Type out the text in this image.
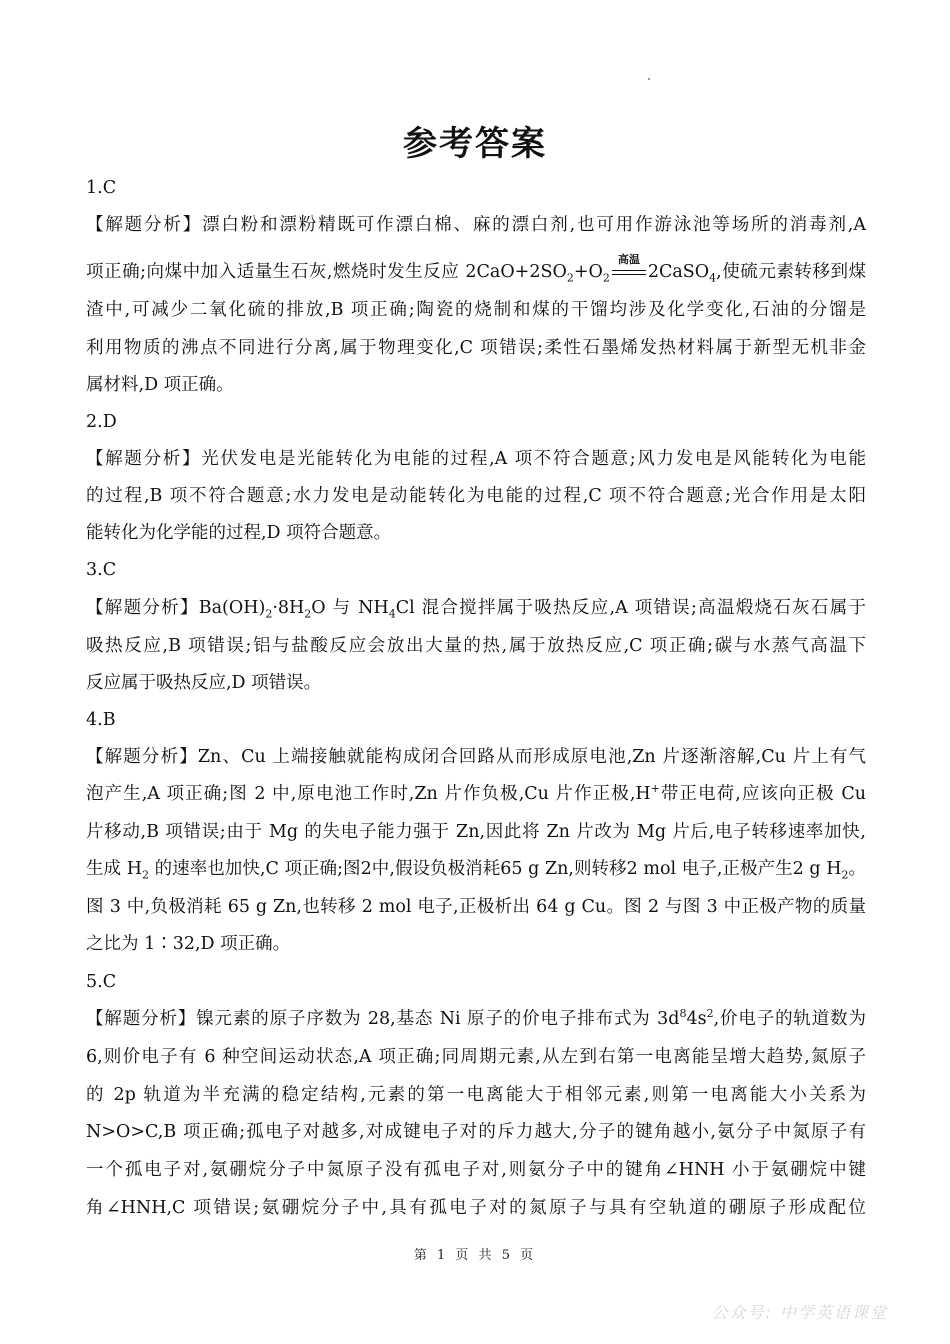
参考答案
1.C
【解题分析】漂白粉和漂粉精既可作漂白棉、麻的漂白剂,也可用作游泳池等场所的消毒剂,A
项正确;向煤中加入适量生石灰,燃烧时发生反应 $2CaO+2SO_2+O_2$
高温
2CaSO$_4$,使硫元素转移到煤
渣中,可减少二氧化硫的排放,B 项正确;陶瓷的烧制和煤的干馏均涉及化学变化,石油的分馏是
利用物质的沸点不同进行分离,属于物理变化,C 项错误;柔性石墨烯发热材料属于新型无机非金
属材料,D 项正确。
2.D
【解题分析】光伏发电是光能转化为电能的过程,A 项不符合题意;风力发电是风能转化为电能
的过程,B 项不符合题意;水力发电是动能转化为电能的过程,C 项不符合题意;光合作用是太阳
能转化为化学能的过程,D 项符合题意。
3.C
【解题分析】$Ba(OH)_2\cdot 8H_2O$ 与 $NH_4Cl$ 混合搅拌属于吸热反应,A 项错误;高温煅烧石灰石属于
吸热反应,B 项错误;铝与盐酸反应会放出大量的热,属于放热反应,C 项正确;碳与水蒸气高温下
反应属于吸热反应,D 项错误。
4.B
【解题分析】Zn、Cu 上端接触就能构成闭合回路从而形成原电池,Zn 片逐渐溶解,Cu 片上有气
泡产生,A 项正确;图 2 中,原电池工作时,Zn 片作负极,Cu 片作正极,H+带正电荷,应该向正极 Cu
片移动,B 项错误;由于 Mg 的失电子能力强于 Zn,因此将 Zn 片改为 Mg 片后,电子转移速率加快,
生成 $H_2$ 的速率也加快,C 项正确;图2中,假设负极消耗65 g Zn,则转移2 mol 电子,正极产生2 g $H_2$。
图 3 中,负极消耗 65 g Zn,也转移 2 mol 电子,正极析出 64 g Cu。图 2 与图 3 中正极产物的质量
之比为 1∶32,D 项正确。
5.C
【解题分析】镍元素的原子序数为 28,基态 Ni 原子的价电子排布式为 $3d^84s^2$,价电子的轨道数为
6,则价电子有 6 种空间运动状态,A 项正确;同周期元素,从左到右第一电离能呈增大趋势,氮原子
的 2p 轨道为半充满的稳定结构,元素的第一电离能大于相邻元素,则第一电离能大小关系为
N>O>C,B 项正确;孤电子对越多,对成键电子对的斥力越大,分子的键角越小,氨分子中氮原子有
一个孤电子对,氨硼烷分子中氮原子没有孤电子对,则氨分子中的键角∠HNH 小于氨硼烷中键
角∠HNH,C 项错误;氨硼烷分子中,具有孤电子对的氮原子与具有空轨道的硼原子形成配位
第 1 页 共 5 页
公众号: 中学英语课堂
